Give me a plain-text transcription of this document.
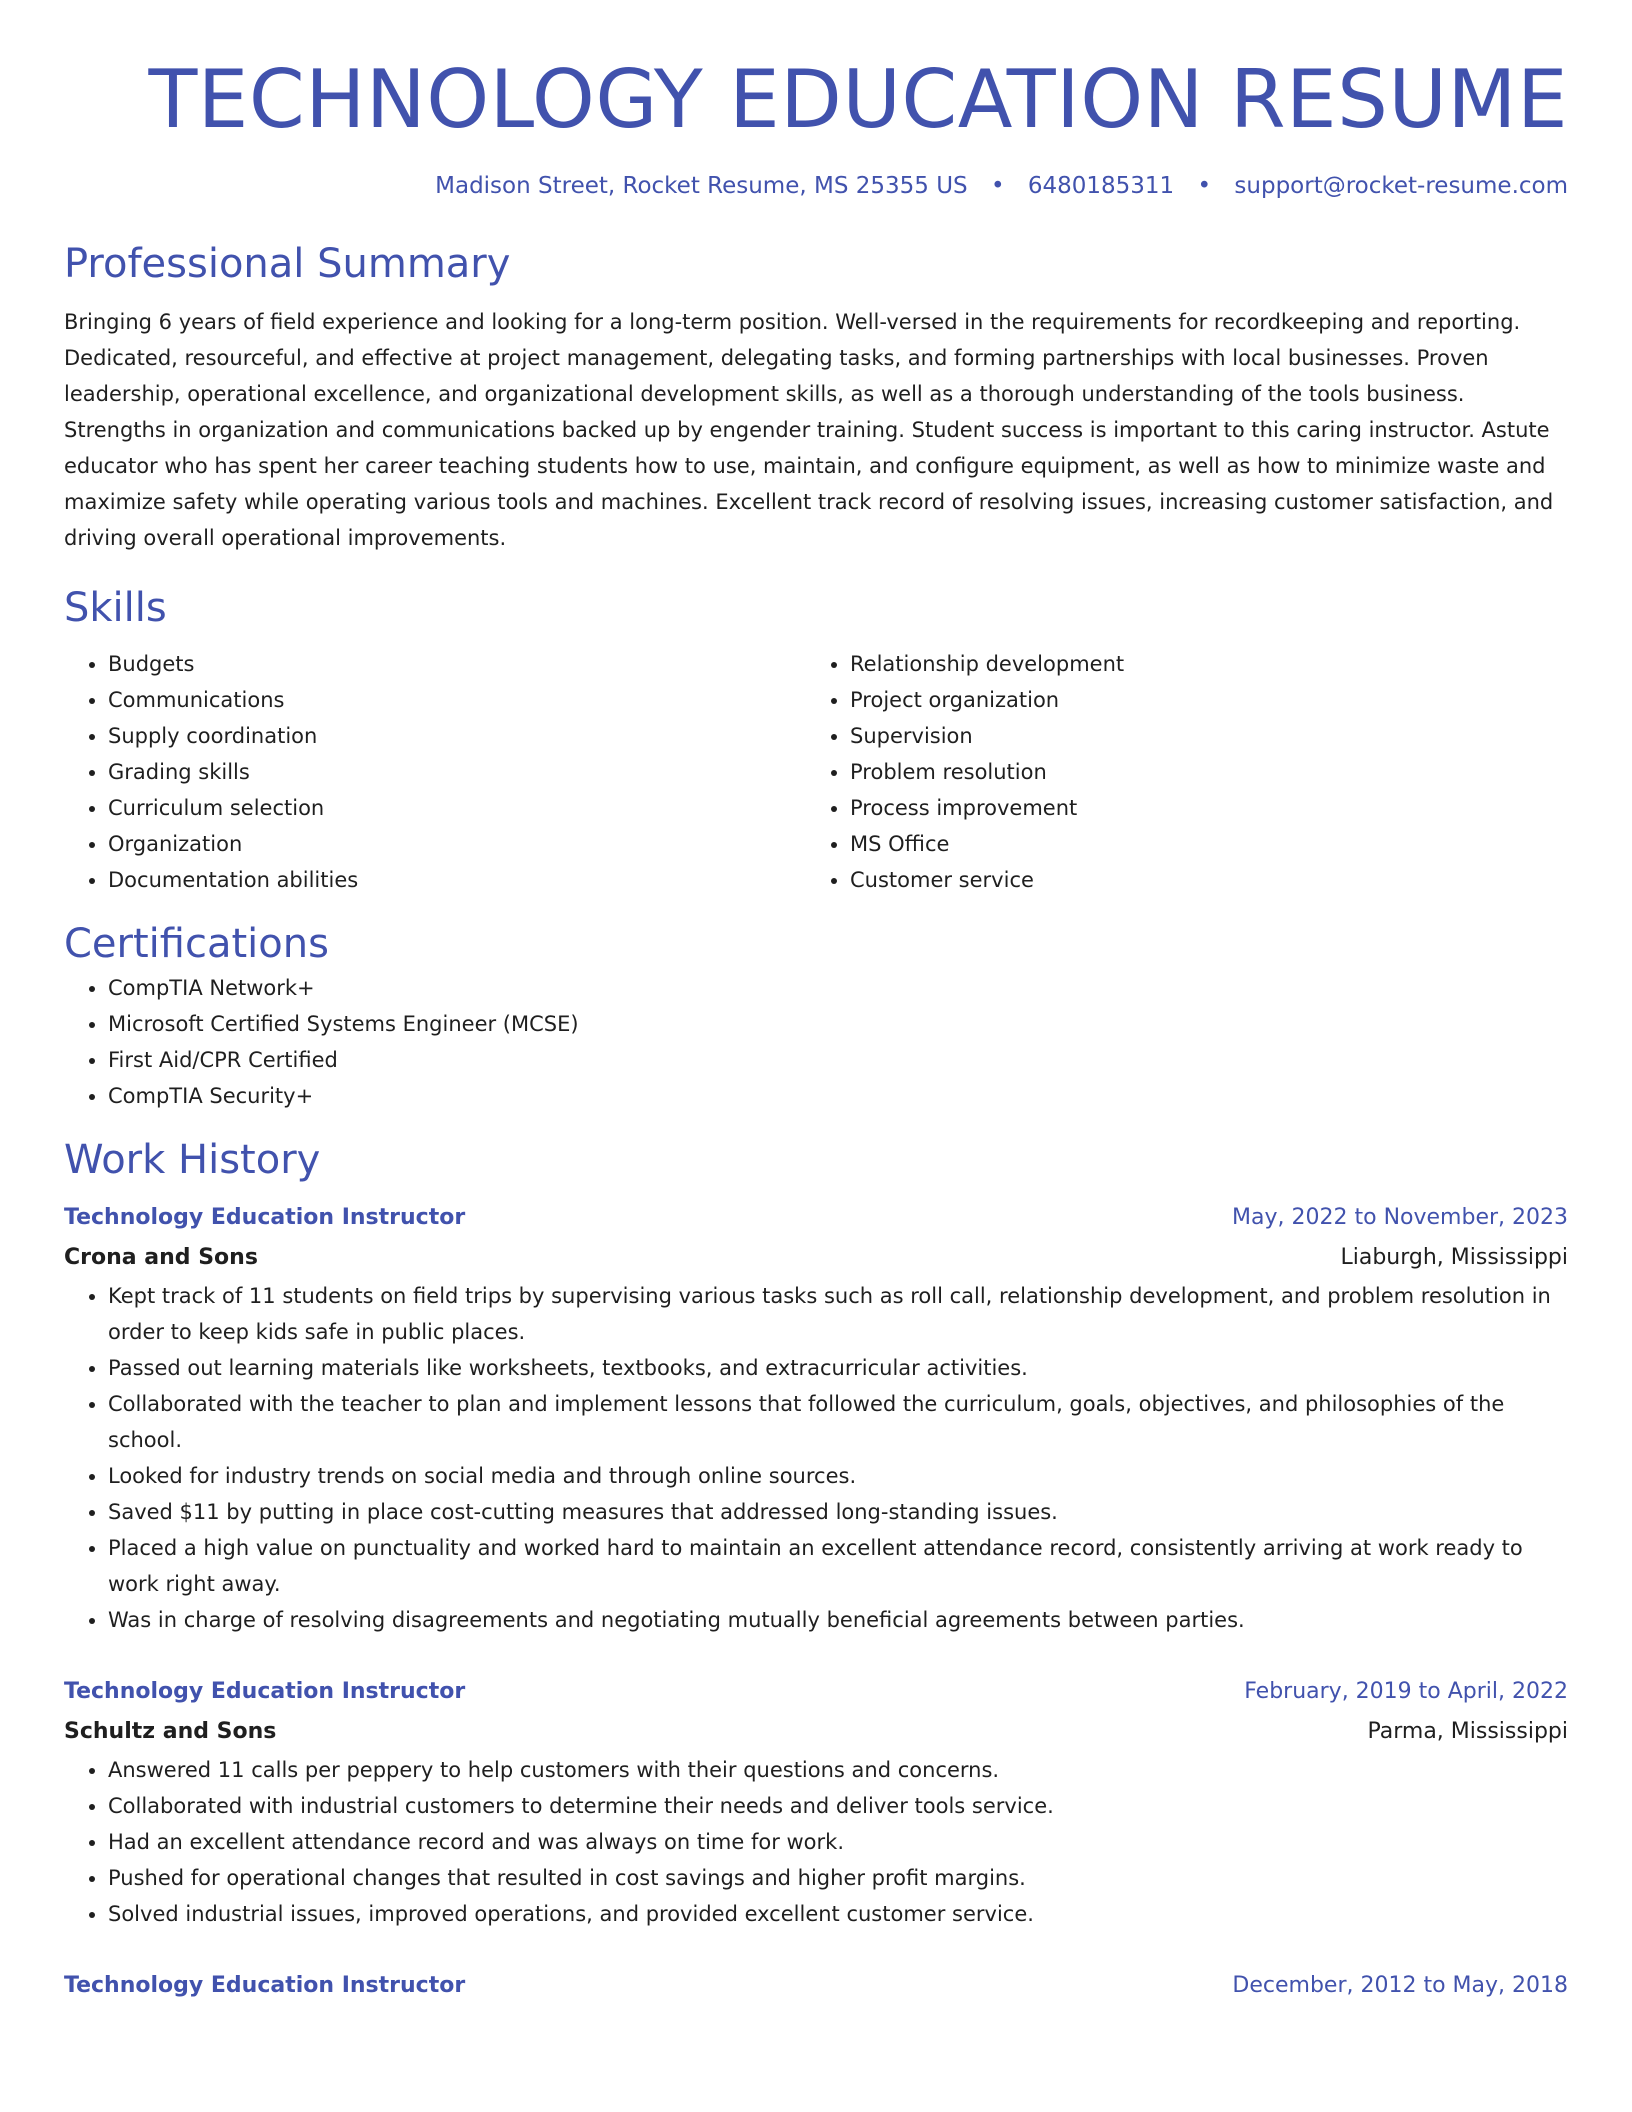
TECHNOLOGY EDUCATION RESUME
Madison Street, Rocket Resume, MS 25355 US • 6480185311 • support@rocket-resume.com
Professional Summary

Bringing 6 years of field experience and looking for a long-term position. Well-versed in the requirements for recordkeeping and reporting. Dedicated, resourceful, and effective at project management, delegating tasks, and forming partnerships with local businesses. Proven leadership, operational excellence, and organizational development skills, as well as a thorough understanding of the tools business. Strengths in organization and communications backed up by engender training. Student success is important to this caring instructor. Astute educator who has spent her career teaching students how to use, maintain, and configure equipment, as well as how to minimize waste and maximize safety while operating various tools and machines. Excellent track record of resolving issues, increasing customer satisfaction, and driving overall operational improvements.

Skills
• Budgets
• Communications
• Supply coordination
• Grading skills
• Curriculum selection
• Organization
• Documentation abilities
• Relationship development
• Project organization
• Supervision
• Problem resolution
• Process improvement
• MS Office
• Customer service
Certifications
• CompTIA Network+
• Microsoft Certified Systems Engineer (MCSE)
• First Aid/CPR Certified
• CompTIA Security+
Work History
Technology Education Instructor	May, 2022 to November, 2023
Crona and Sons	Liaburgh, Mississippi
• Kept track of 11 students on field trips by supervising various tasks such as roll call, relationship development, and problem resolution in order to keep kids safe in public places.
• Passed out learning materials like worksheets, textbooks, and extracurricular activities.
• Collaborated with the teacher to plan and implement lessons that followed the curriculum, goals, objectives, and philosophies of the school.
• Looked for industry trends on social media and through online sources.
• Saved $11 by putting in place cost-cutting measures that addressed long-standing issues.
• Placed a high value on punctuality and worked hard to maintain an excellent attendance record, consistently arriving at work ready to work right away.
• Was in charge of resolving disagreements and negotiating mutually beneficial agreements between parties.
Technology Education Instructor	February, 2019 to April, 2022
Schultz and Sons	Parma, Mississippi
• Answered 11 calls per peppery to help customers with their questions and concerns.
• Collaborated with industrial customers to determine their needs and deliver tools service.
• Had an excellent attendance record and was always on time for work.
• Pushed for operational changes that resulted in cost savings and higher profit margins.
• Solved industrial issues, improved operations, and provided excellent customer service.
Technology Education Instructor	December, 2012 to May, 2018
